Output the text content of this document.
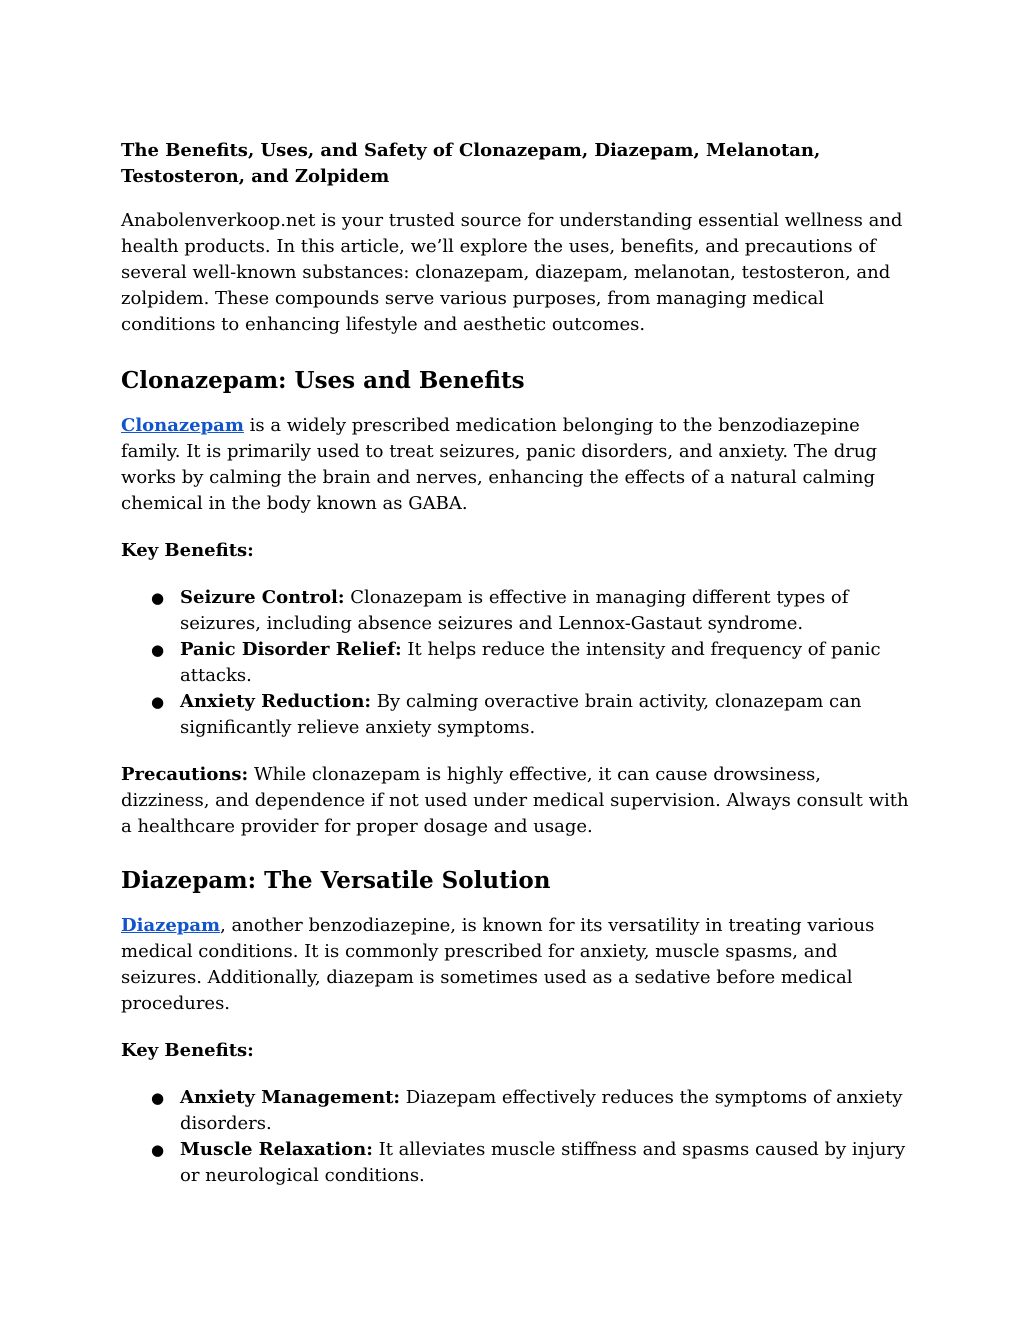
The Benefits, Uses, and Safety of Clonazepam, Diazepam, Melanotan, Testosteron, and Zolpidem

Anabolenverkoop.net is your trusted source for understanding essential wellness and health products. In this article, we’ll explore the uses, benefits, and precautions of several well-known substances: clonazepam, diazepam, melanotan, testosteron, and zolpidem. These compounds serve various purposes, from managing medical conditions to enhancing lifestyle and aesthetic outcomes.

Clonazepam: Uses and Benefits

Clonazepam is a widely prescribed medication belonging to the benzodiazepine family. It is primarily used to treat seizures, panic disorders, and anxiety. The drug works by calming the brain and nerves, enhancing the effects of a natural calming chemical in the body known as GABA.

Key Benefits:
● Seizure Control: Clonazepam is effective in managing different types of seizures, including absence seizures and Lennox-Gastaut syndrome.
● Panic Disorder Relief: It helps reduce the intensity and frequency of panic attacks.
● Anxiety Reduction: By calming overactive brain activity, clonazepam can significantly relieve anxiety symptoms.

Precautions: While clonazepam is highly effective, it can cause drowsiness, dizziness, and dependence if not used under medical supervision. Always consult with a healthcare provider for proper dosage and usage.

Diazepam: The Versatile Solution

Diazepam, another benzodiazepine, is known for its versatility in treating various medical conditions. It is commonly prescribed for anxiety, muscle spasms, and seizures. Additionally, diazepam is sometimes used as a sedative before medical procedures.

Key Benefits:
● Anxiety Management: Diazepam effectively reduces the symptoms of anxiety disorders.
● Muscle Relaxation: It alleviates muscle stiffness and spasms caused by injury or neurological conditions.
